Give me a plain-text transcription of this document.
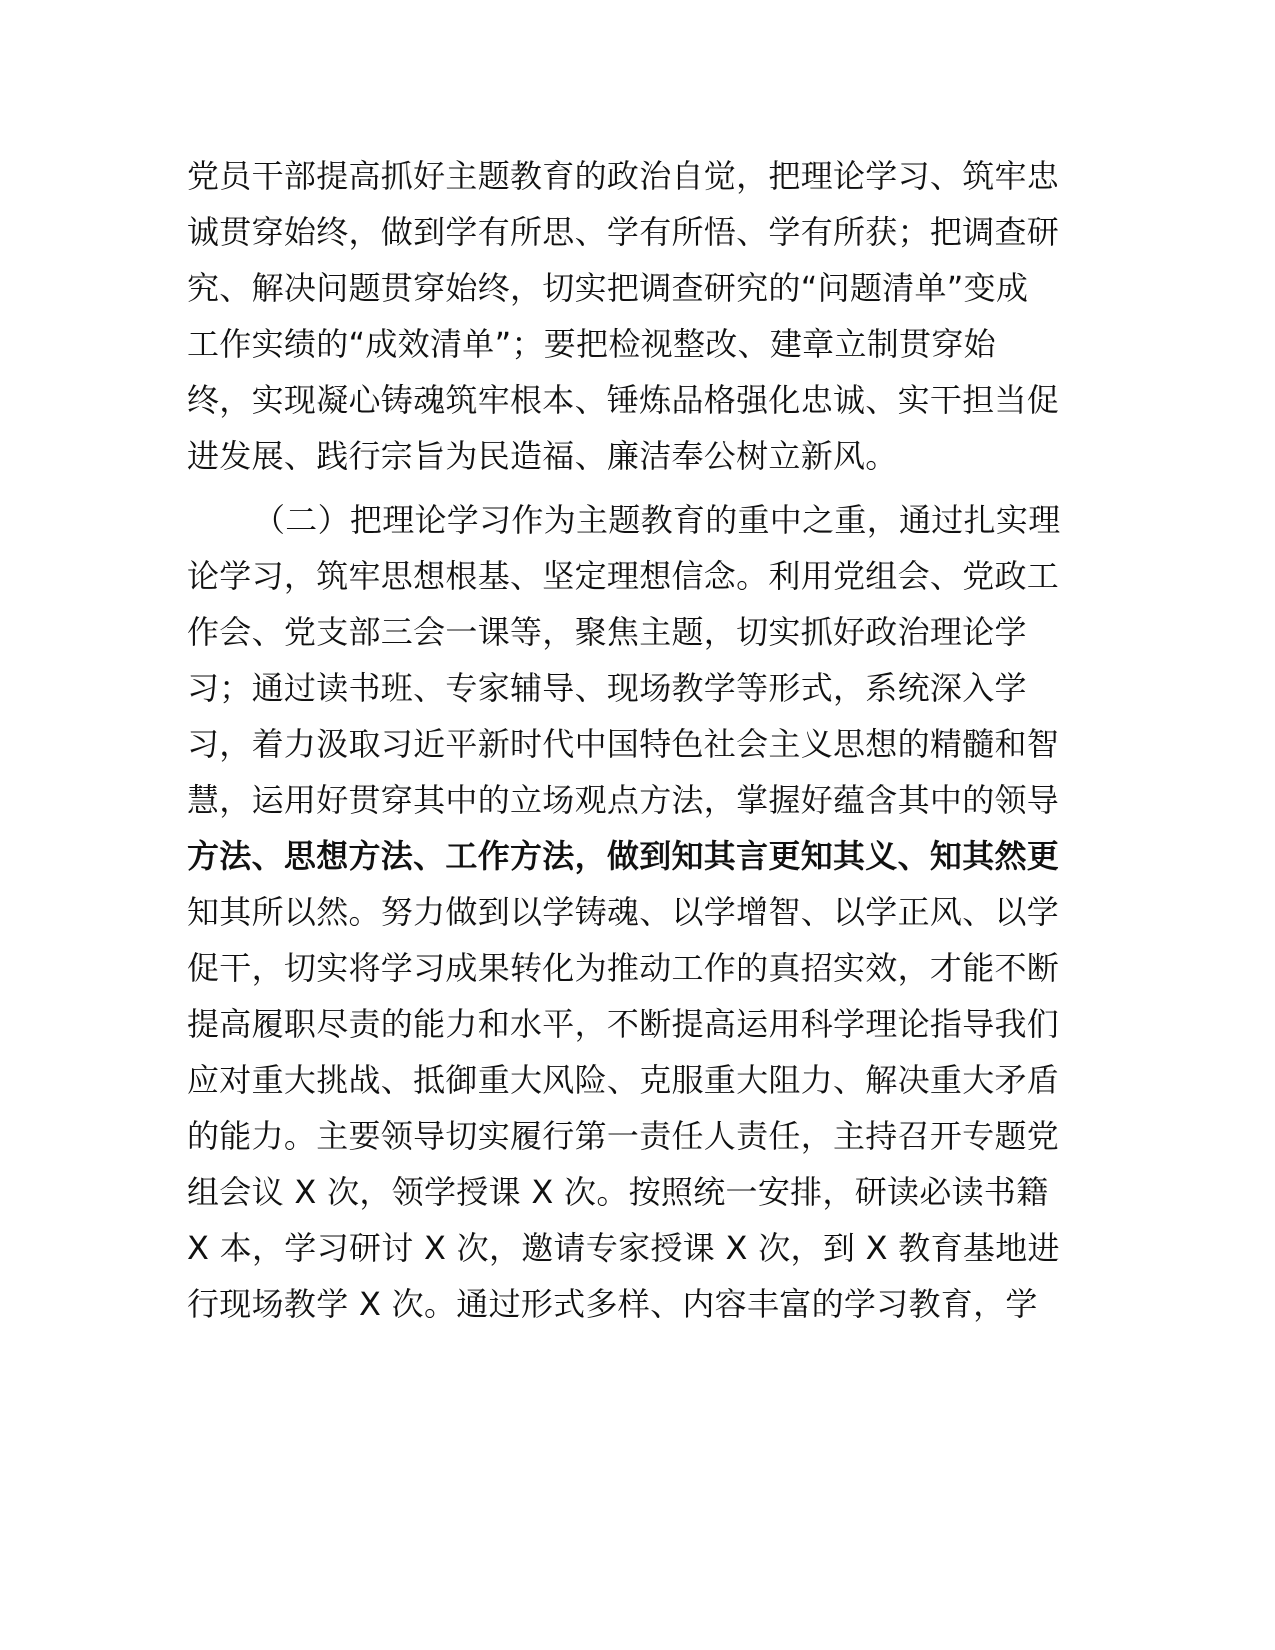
党员干部提高抓好主题教育的政治自觉，把理论学习、筑牢忠
诚贯穿始终，做到学有所思、学有所悟、学有所获；把调查研
究、解决问题贯穿始终，切实把调查研究的“问题清单”变成
工作实绩的“成效清单”；要把检视整改、建章立制贯穿始
终，实现凝心铸魂筑牢根本、锤炼品格强化忠诚、实干担当促
进发展、践行宗旨为民造福、廉洁奉公树立新风。
（二）把理论学习作为主题教育的重中之重，通过扎实理
论学习，筑牢思想根基、坚定理想信念。利用党组会、党政工
作会、党支部三会一课等，聚焦主题，切实抓好政治理论学
习；通过读书班、专家辅导、现场教学等形式，系统深入学
习，着力汲取习近平新时代中国特色社会主义思想的精髓和智
慧，运用好贯穿其中的立场观点方法，掌握好蕴含其中的领导
方法、思想方法、工作方法，做到知其言更知其义、知其然更
知其所以然。努力做到以学铸魂、以学增智、以学正风、以学
促干，切实将学习成果转化为推动工作的真招实效，才能不断
提高履职尽责的能力和水平，不断提高运用科学理论指导我们
应对重大挑战、抵御重大风险、克服重大阻力、解决重大矛盾
的能力。主要领导切实履行第一责任人责任，主持召开专题党
组会议 X 次，领学授课 X 次。按照统一安排，研读必读书籍
X 本，学习研讨 X 次，邀请专家授课 X 次，到 X 教育基地进
行现场教学 X 次。通过形式多样、内容丰富的学习教育，学
